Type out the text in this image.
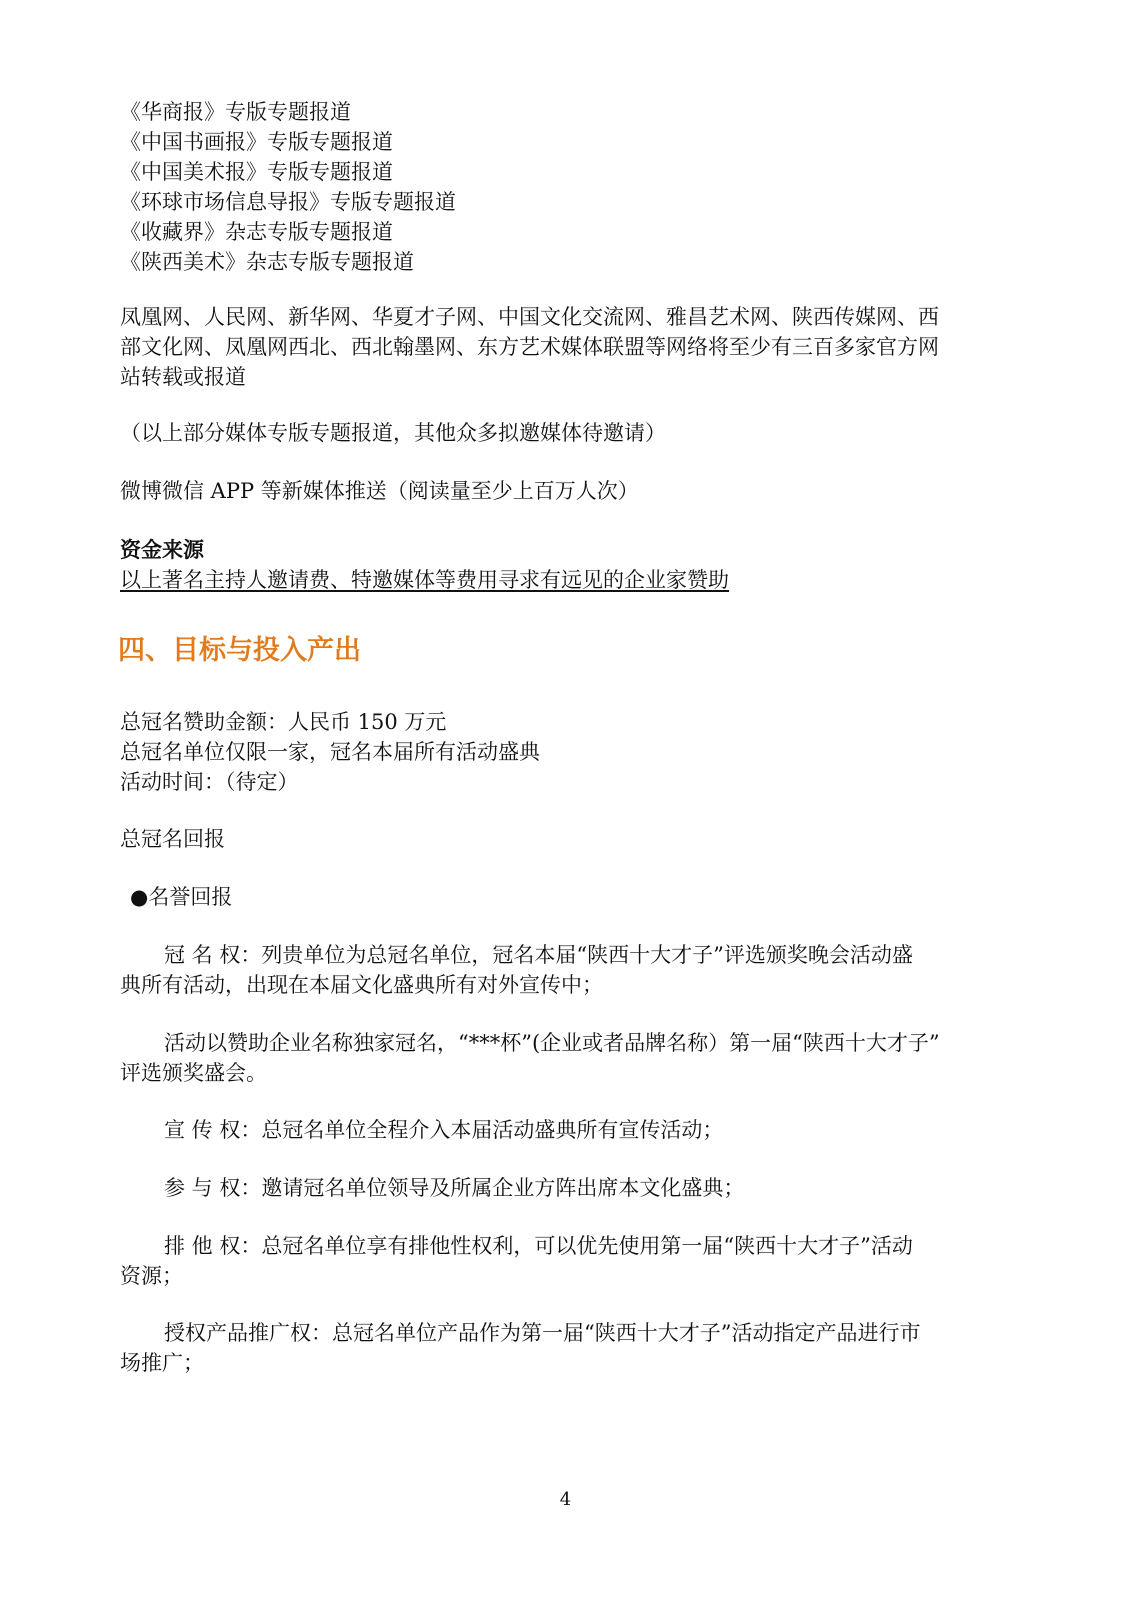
《华商报》专版专题报道
《中国书画报》专版专题报道
《中国美术报》专版专题报道
《环球市场信息导报》专版专题报道
《收藏界》杂志专版专题报道
《陕西美术》杂志专版专题报道
凤凰网、人民网、新华网、华夏才子网、中国文化交流网、雅昌艺术网、陕西传媒网、西
部文化网、凤凰网西北、西北翰墨网、东方艺术媒体联盟等网络将至少有三百多家官方网
站转载或报道
（以上部分媒体专版专题报道，其他众多拟邀媒体待邀请）
微博微信 APP 等新媒体推送（阅读量至少上百万人次）
资金来源
以上著名主持人邀请费、特邀媒体等费用寻求有远见的企业家赞助
四、目标与投入产出
总冠名赞助金额：人民币 150 万元
总冠名单位仅限一家，冠名本届所有活动盛典
活动时间：（待定）
总冠名回报
●名誉回报
冠 名 权：列贵单位为总冠名单位，冠名本届“陕西十大才子”评选颁奖晚会活动盛
典所有活动，出现在本届文化盛典所有对外宣传中；
活动以赞助企业名称独家冠名，“***杯”(企业或者品牌名称）第一届“陕西十大才子”
评选颁奖盛会。
宣 传 权：总冠名单位全程介入本届活动盛典所有宣传活动；
参 与 权：邀请冠名单位领导及所属企业方阵出席本文化盛典；
排 他 权：总冠名单位享有排他性权利，可以优先使用第一届“陕西十大才子”活动
资源；
授权产品推广权：总冠名单位产品作为第一届“陕西十大才子”活动指定产品进行市
场推广；
4
